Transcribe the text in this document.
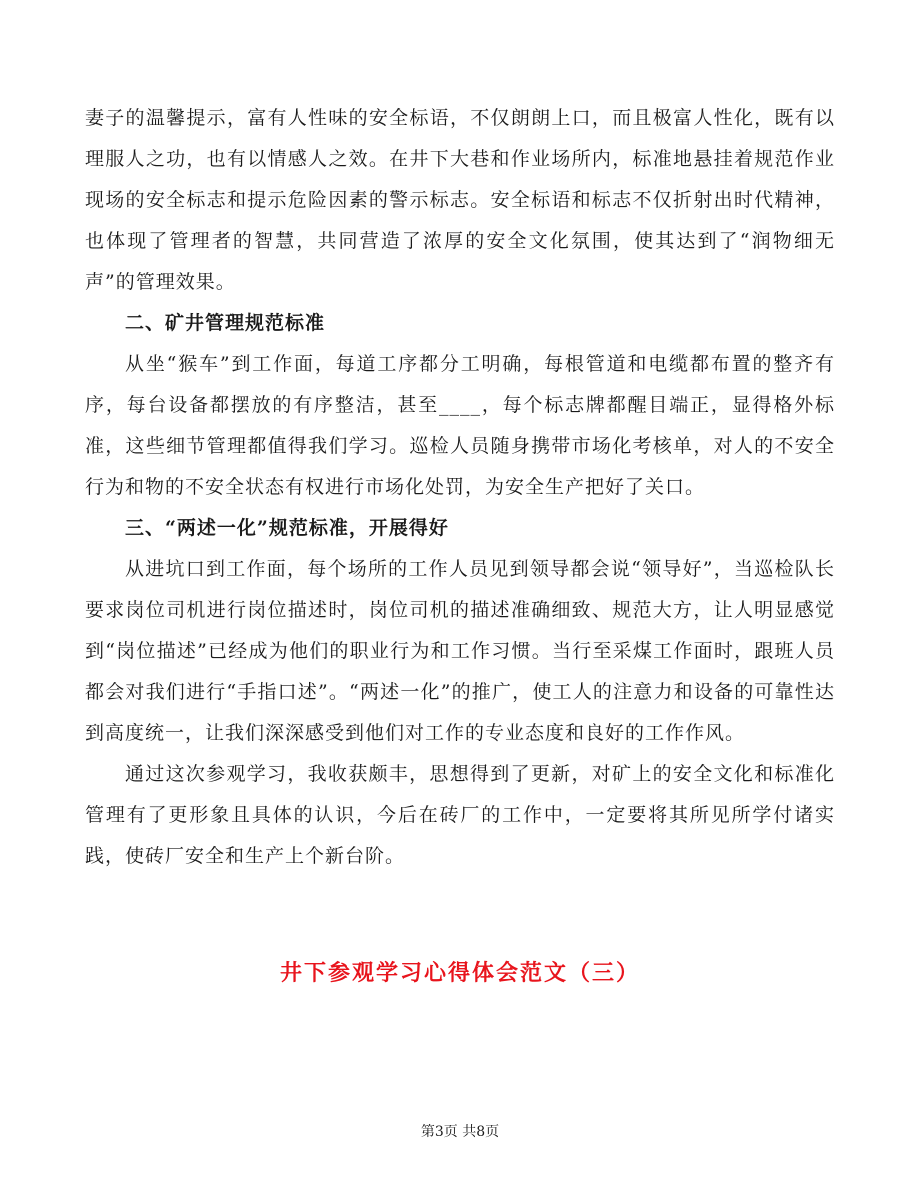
妻子的温馨提示，富有人性味的安全标语，不仅朗朗上口，而且极富人性化，既有以理服人之功，也有以情感人之效。在井下大巷和作业场所内，标准地悬挂着规范作业现场的安全标志和提示危险因素的警示标志。安全标语和标志不仅折射出时代精神，也体现了管理者的智慧，共同营造了浓厚的安全文化氛围，使其达到了“润物细无声”的管理效果。

二、矿井管理规范标准

从坐“猴车”到工作面，每道工序都分工明确，每根管道和电缆都布置的整齐有序，每台设备都摆放的有序整洁，甚至____，每个标志牌都醒目端正，显得格外标准，这些细节管理都值得我们学习。巡检人员随身携带市场化考核单，对人的不安全行为和物的不安全状态有权进行市场化处罚，为安全生产把好了关口。

三、“两述一化”规范标准，开展得好

从进坑口到工作面，每个场所的工作人员见到领导都会说“领导好”，当巡检队长要求岗位司机进行岗位描述时，岗位司机的描述准确细致、规范大方，让人明显感觉到“岗位描述”已经成为他们的职业行为和工作习惯。当行至采煤工作面时，跟班人员都会对我们进行“手指口述”。“两述一化”的推广，使工人的注意力和设备的可靠性达到高度统一，让我们深深感受到他们对工作的专业态度和良好的工作作风。

通过这次参观学习，我收获颇丰，思想得到了更新，对矿上的安全文化和标准化管理有了更形象且具体的认识，今后在砖厂的工作中，一定要将其所见所学付诸实践，使砖厂安全和生产上个新台阶。

井下参观学习心得体会范文（三）
第3页 共8页
